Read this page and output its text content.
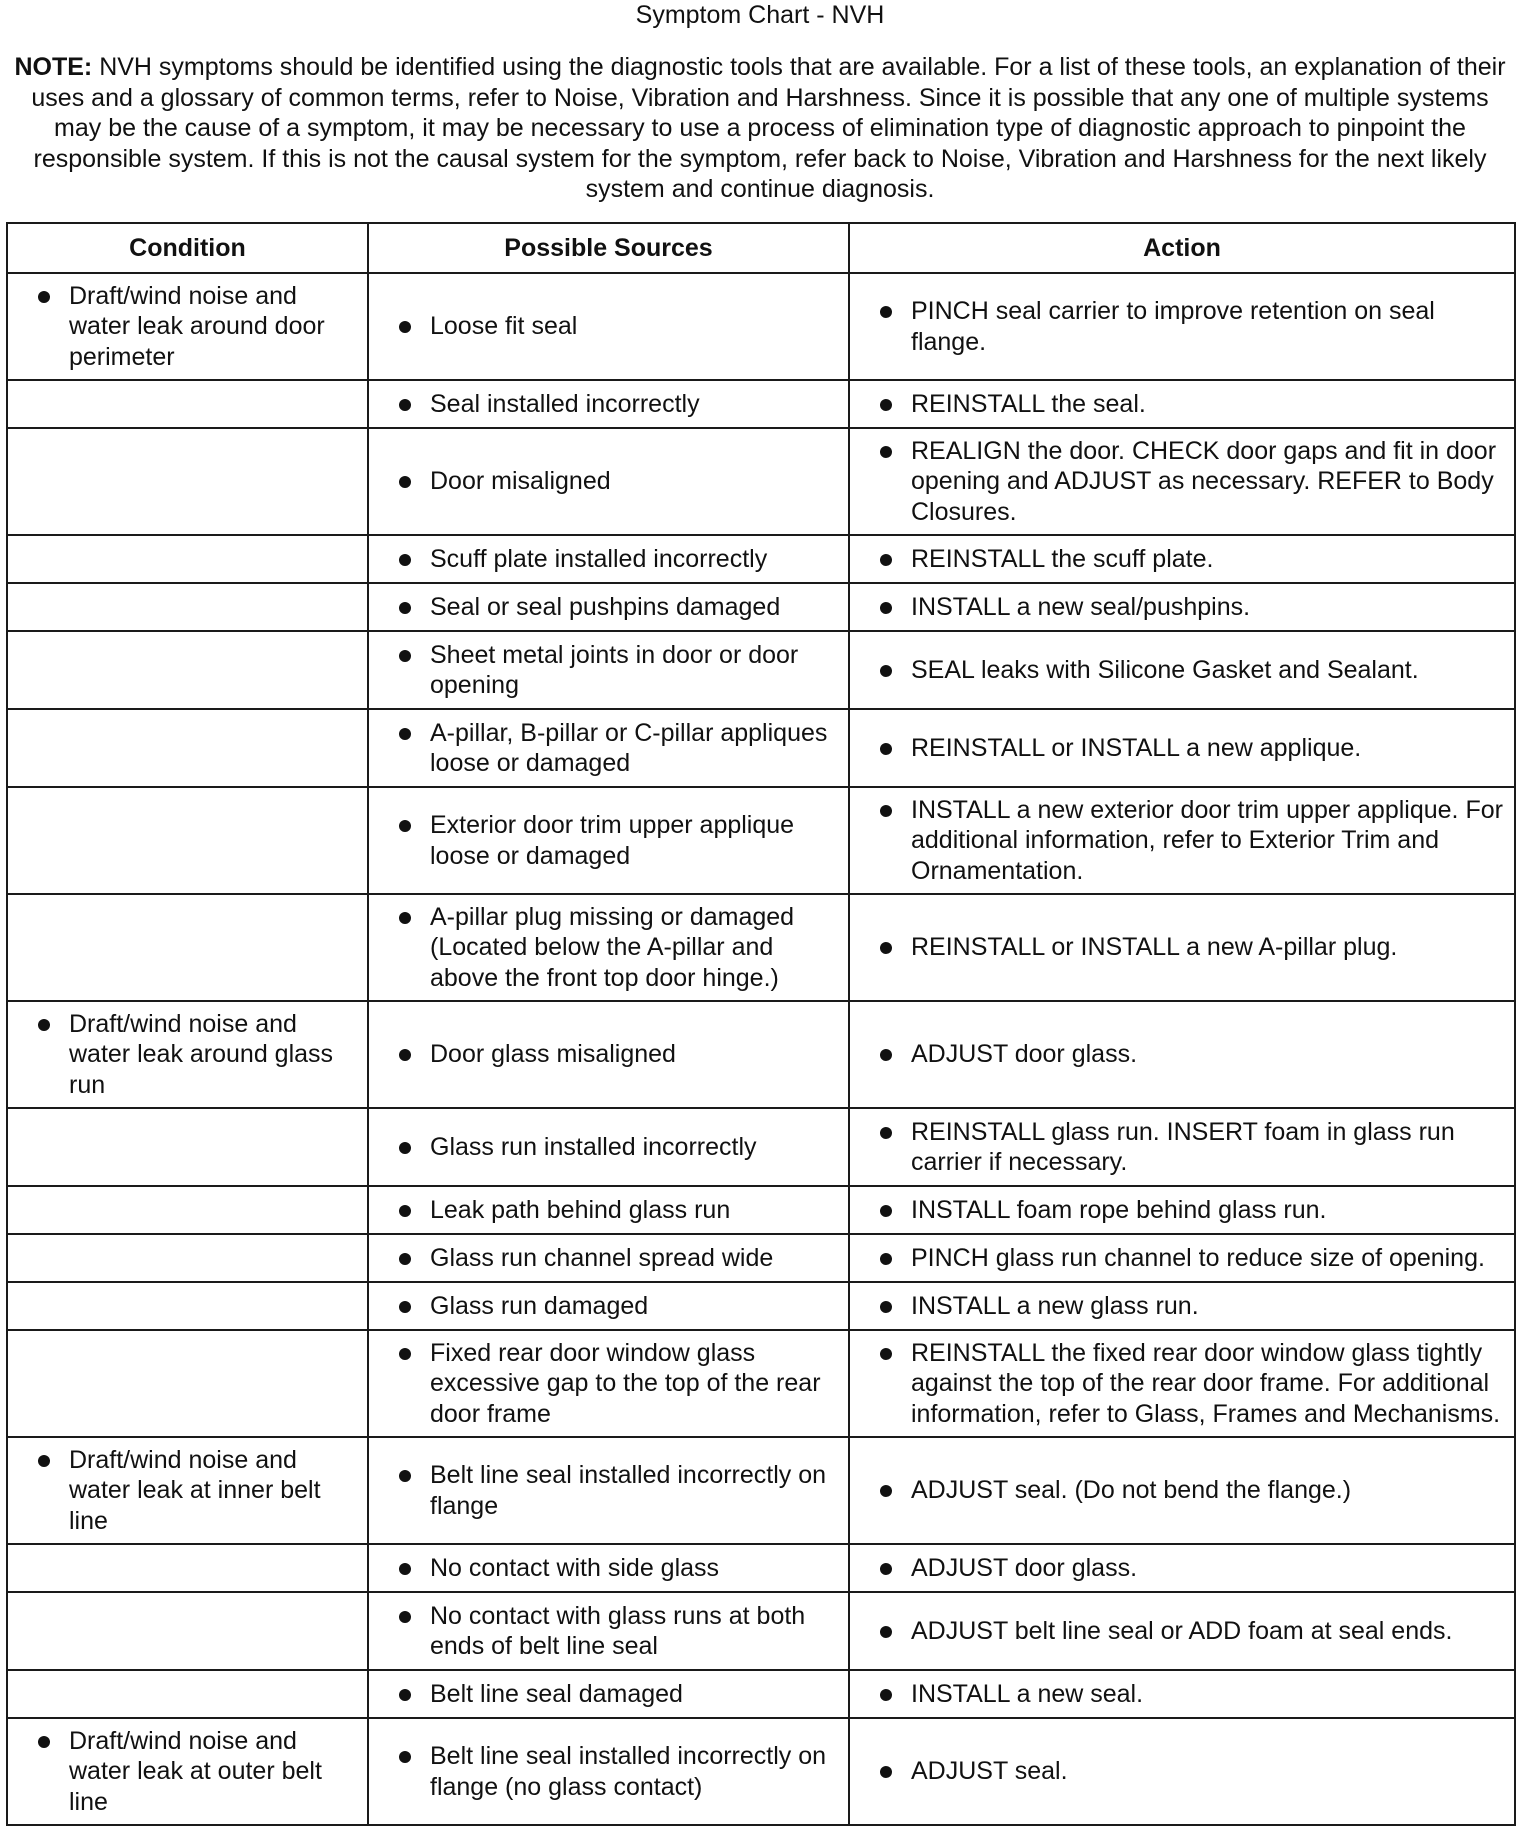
Symptom Chart - NVH
NOTE: NVH symptoms should be identified using the diagnostic tools that are available. For a list of these tools, an explanation of their uses and a glossary of common terms, refer to Noise, Vibration and Harshness. Since it is possible that any one of multiple systems may be the cause of a symptom, it may be necessary to use a process of elimination type of diagnostic approach to pinpoint the responsible system. If this is not the causal system for the symptom, refer back to Noise, Vibration and Harshness for the next likely system and continue diagnosis.
Condition	Possible Sources	Action

Draft/wind noise and water leak around door perimeter	Loose fit seal	PINCH seal carrier to improve retention on seal flange.

	Seal installed incorrectly	REINSTALL the seal.

	Door misaligned	REALIGN the door. CHECK door gaps and fit in door opening and ADJUST as necessary. REFER to Body Closures.

	Scuff plate installed incorrectly	REINSTALL the scuff plate.

	Seal or seal pushpins damaged	INSTALL a new seal/pushpins.

	Sheet metal joints in door or door opening	SEAL leaks with Silicone Gasket and Sealant.

	A-pillar, B-pillar or C-pillar appliques loose or damaged	REINSTALL or INSTALL a new applique.

	Exterior door trim upper applique loose or damaged	INSTALL a new exterior door trim upper applique. For additional information, refer to Exterior Trim and Ornamentation.

	A-pillar plug missing or damaged (Located below the A-pillar and above the front top door hinge.)	REINSTALL or INSTALL a new A-pillar plug.

Draft/wind noise and water leak around glass run	Door glass misaligned	ADJUST door glass.

	Glass run installed incorrectly	REINSTALL glass run. INSERT foam in glass run carrier if necessary.

	Leak path behind glass run	INSTALL foam rope behind glass run.

	Glass run channel spread wide	PINCH glass run channel to reduce size of opening.

	Glass run damaged	INSTALL a new glass run.

	Fixed rear door window glass excessive gap to the top of the rear door frame	REINSTALL the fixed rear door window glass tightly against the top of the rear door frame. For additional information, refer to Glass, Frames and Mechanisms.

Draft/wind noise and water leak at inner belt line	Belt line seal installed incorrectly on flange	ADJUST seal. (Do not bend the flange.)

	No contact with side glass	ADJUST door glass.

	No contact with glass runs at both ends of belt line seal	ADJUST belt line seal or ADD foam at seal ends.

	Belt line seal damaged	INSTALL a new seal.

Draft/wind noise and water leak at outer belt line	Belt line seal installed incorrectly on flange (no glass contact)	ADJUST seal.
